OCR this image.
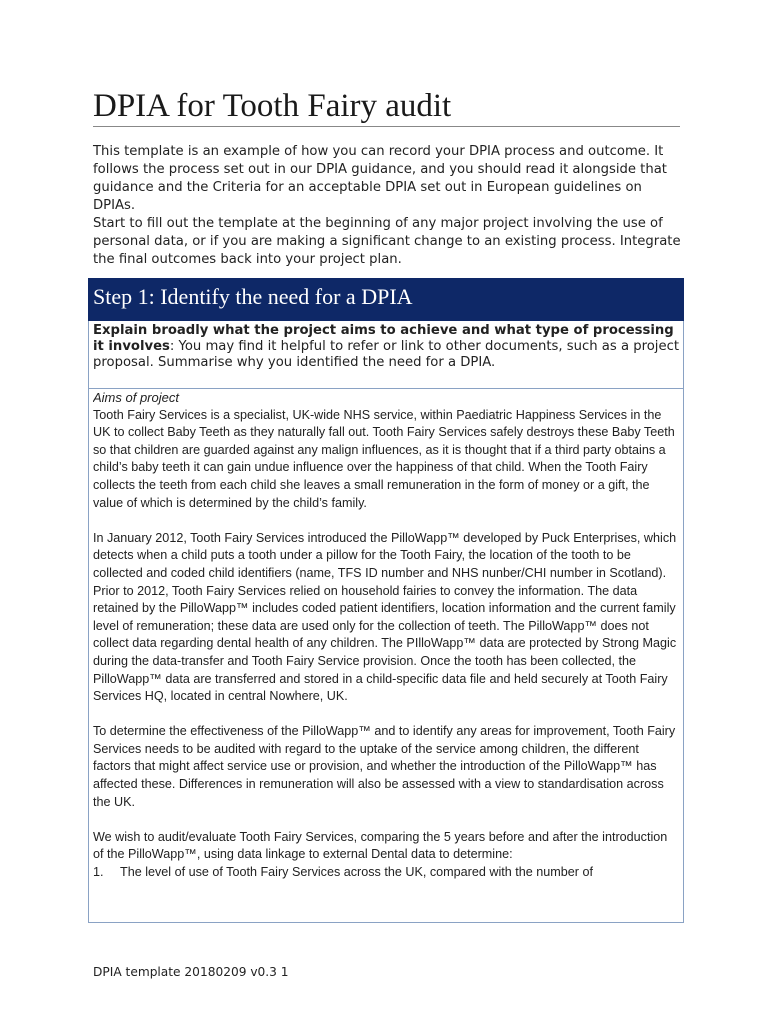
DPIA for Tooth Fairy audit

This template is an example of how you can record your DPIA process and outcome. It follows the process set out in our DPIA guidance, and you should read it alongside that guidance and the Criteria for an acceptable DPIA set out in European guidelines on DPIAs.

Start to fill out the template at the beginning of any major project involving the use of personal data, or if you are making a significant change to an existing process. Integrate the final outcomes back into your project plan.

Step 1: Identify the need for a DPIA
Explain broadly what the project aims to achieve and what type of processing it involves: You may find it helpful to refer or link to other documents, such as a project proposal. Summarise why you identified the need for a DPIA.

Aims of project

Tooth Fairy Services is a specialist, UK-wide NHS service, within Paediatric Happiness Services in the UK to collect Baby Teeth as they naturally fall out. Tooth Fairy Services safely destroys these Baby Teeth so that children are guarded against any malign influences, as it is thought that if a third party obtains a child’s baby teeth it can gain undue influence over the happiness of that child. When the Tooth Fairy collects the teeth from each child she leaves a small remuneration in the form of money or a gift, the value of which is determined by the child’s family.

In January 2012, Tooth Fairy Services introduced the PilloWapp™ developed by Puck Enterprises, which detects when a child puts a tooth under a pillow for the Tooth Fairy, the location of the tooth to be collected and coded child identifiers (name, TFS ID number and NHS nunber/CHI number in Scotland). Prior to 2012, Tooth Fairy Services relied on household fairies to convey the information. The data retained by the PilloWapp™ includes coded patient identifiers, location information and the current family level of remuneration; these data are used only for the collection of teeth. The PilloWapp™ does not collect data regarding dental health of any children. The PIlloWapp™ data are protected by Strong Magic during the data-transfer and Tooth Fairy Service provision. Once the tooth has been collected, the PilloWapp™ data are transferred and stored in a child-specific data file and held securely at Tooth Fairy Services HQ, located in central Nowhere, UK.

To determine the effectiveness of the PilloWapp™ and to identify any areas for improvement, Tooth Fairy Services needs to be audited with regard to the uptake of the service among children, the different factors that might affect service use or provision, and whether the introduction of the PilloWapp™ has affected these. Differences in remuneration will also be assessed with a view to standardisation across the UK.

We wish to audit/evaluate Tooth Fairy Services, comparing the 5 years before and after the introduction of the PilloWapp™, using data linkage to external Dental data to determine:

1. The level of use of Tooth Fairy Services across the UK, compared with the number of
DPIA template 20180209 v0.3 1
